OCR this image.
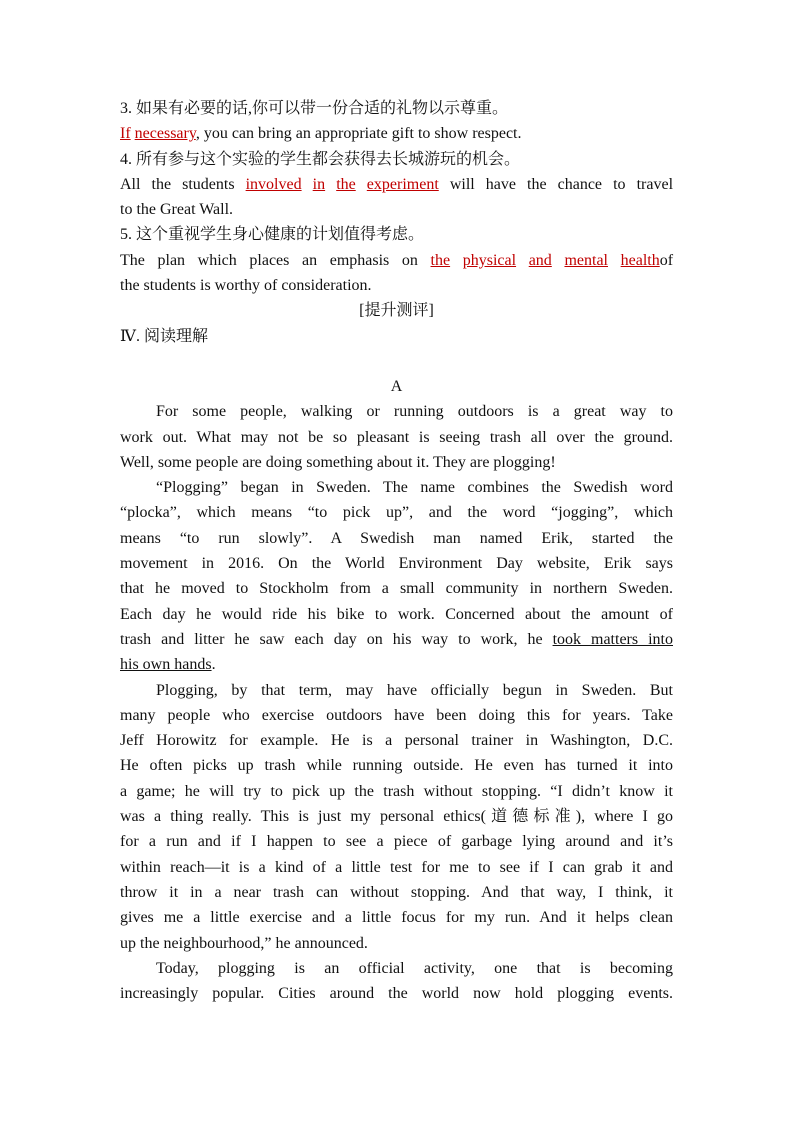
3. 如果有必要的话,你可以带一份合适的礼物以示尊重。
If necessary, you can bring an appropriate gift to show respect.
4. 所有参与这个实验的学生都会获得去长城游玩的机会。
All the students involved in the experiment will have the chance to travel
to the Great Wall.
5. 这个重视学生身心健康的计划值得考虑。
The plan which places an emphasis on the physical and mental healthof
the students is worthy of consideration.
[提升测评]
Ⅳ. 阅读理解
A
For some people, walking or running outdoors is a great way to
work out. What may not be so pleasant is seeing trash all over the ground.
Well, some people are doing something about it. They are plogging!
“Plogging” began in Sweden. The name combines the Swedish word
“plocka”, which means “to pick up”, and the word “jogging”, which
means “to run slowly”. A Swedish man named Erik, started the
movement in 2016. On the World Environment Day website, Erik says
that he moved to Stockholm from a small community in northern Sweden.
Each day he would ride his bike to work. Concerned about the amount of
trash and litter he saw each day on his way to work, he took matters into
his own hands.
Plogging, by that term, may have officially begun in Sweden. But
many people who exercise outdoors have been doing this for years. Take
Jeff Horowitz for example. He is a personal trainer in Washington, D.C.
He often picks up trash while running outside. He even has turned it into
a game; he will try to pick up the trash without stopping. “I didn’t know it
was a thing really. This is just my personal ethics(道德标准), where I go
for a run and if I happen to see a piece of garbage lying around and it’s
within reach—it is a kind of a little test for me to see if I can grab it and
throw it in a near trash can without stopping. And that way, I think, it
gives me a little exercise and a little focus for my run. And it helps clean
up the neighbourhood,” he announced.
Today, plogging is an official activity, one that is becoming
increasingly popular. Cities around the world now hold plogging events.
